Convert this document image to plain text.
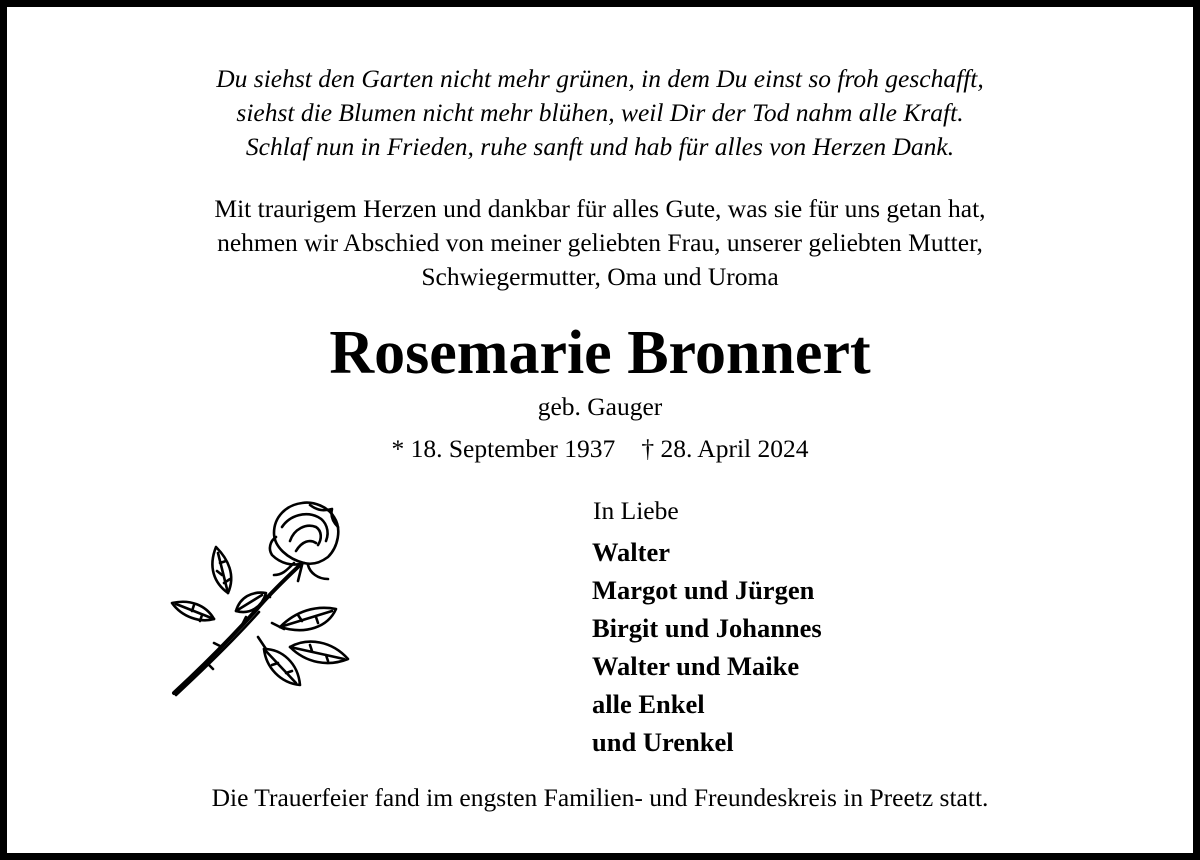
Du siehst den Garten nicht mehr grünen, in dem Du einst so froh geschafft,
siehst die Blumen nicht mehr blühen, weil Dir der Tod nahm alle Kraft.
Schlaf nun in Frieden, ruhe sanft und hab für alles von Herzen Dank.
Mit traurigem Herzen und dankbar für alles Gute, was sie für uns getan hat,
nehmen wir Abschied von meiner geliebten Frau, unserer geliebten Mutter,
Schwiegermutter, Oma und Uroma
Rosemarie Bronnert
geb. Gauger
* 18. September 1937 † 28. April 2024
In Liebe
Walter
Margot und Jürgen
Birgit und Johannes
Walter und Maike
alle Enkel
und Urenkel
Die Trauerfeier fand im engsten Familien- und Freundeskreis in Preetz statt.
